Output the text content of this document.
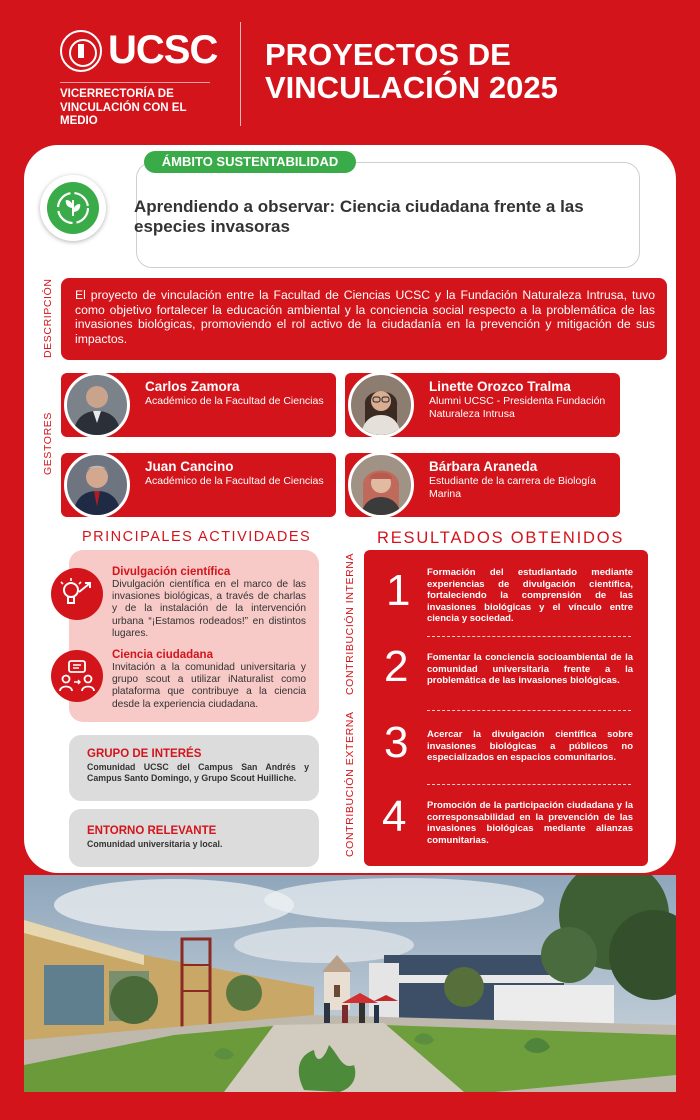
UCSC
VICERRECTORÍA DE VINCULACIÓN CON EL MEDIO
PROYECTOS DE VINCULACIÓN 2025
ÁMBITO SUSTENTABILIDAD
Aprendiendo a observar: Ciencia ciudadana frente a las especies invasoras
DESCRIPCIÓN	El proyecto de vinculación entre la Facultad de Ciencias UCSC y la Fundación Naturaleza Intrusa, tuvo como objetivo fortalecer la educación ambiental y la conciencia social respecto a la problemática de las invasiones biológicas, promoviendo el rol activo de la ciudadanía en la prevención y mitigación de sus impactos.
GESTORES
Carlos Zamora
Académico de la Facultad de Ciencias
Linette Orozco Tralma
Alumni UCSC - Presidenta Fundación Naturaleza Intrusa
Juan Cancino
Académico de la Facultad de Ciencias
Bárbara Araneda
Estudiante de la carrera de Biología Marina
PRINCIPALES ACTIVIDADES
Divulgación científica
Divulgación científica en el marco de las invasiones biológicas, a través de charlas y de la instalación de la intervención urbana “¡Estamos rodeados!” en distintos lugares.
Ciencia ciudadana
Invitación a la comunidad universitaria y grupo scout a utilizar iNaturalist como plataforma que contribuye a la ciencia desde la experiencia ciudadana.
GRUPO DE INTERÉS
Comunidad UCSC del Campus San Andrés y Campus Santo Domingo, y Grupo Scout Huilliche.
ENTORNO RELEVANTE
Comunidad universitaria y local.
RESULTADOS OBTENIDOS
CONTRIBUCIÓN INTERNA
CONTRIBUCIÓN EXTERNA
1 Formación del estudiantado mediante experiencias de divulgación científica, fortaleciendo la comprensión de las invasiones biológicas y el vínculo entre ciencia y sociedad.
2 Fomentar la conciencia socioambiental de la comunidad universitaria frente a la problemática de las invasiones biológicas.
3 Acercar la divulgación científica sobre invasiones biológicas a públicos no especializados en espacios comunitarios.
4 Promoción de la participación ciudadana y la corresponsabilidad en la prevención de las invasiones biológicas mediante alianzas comunitarias.
